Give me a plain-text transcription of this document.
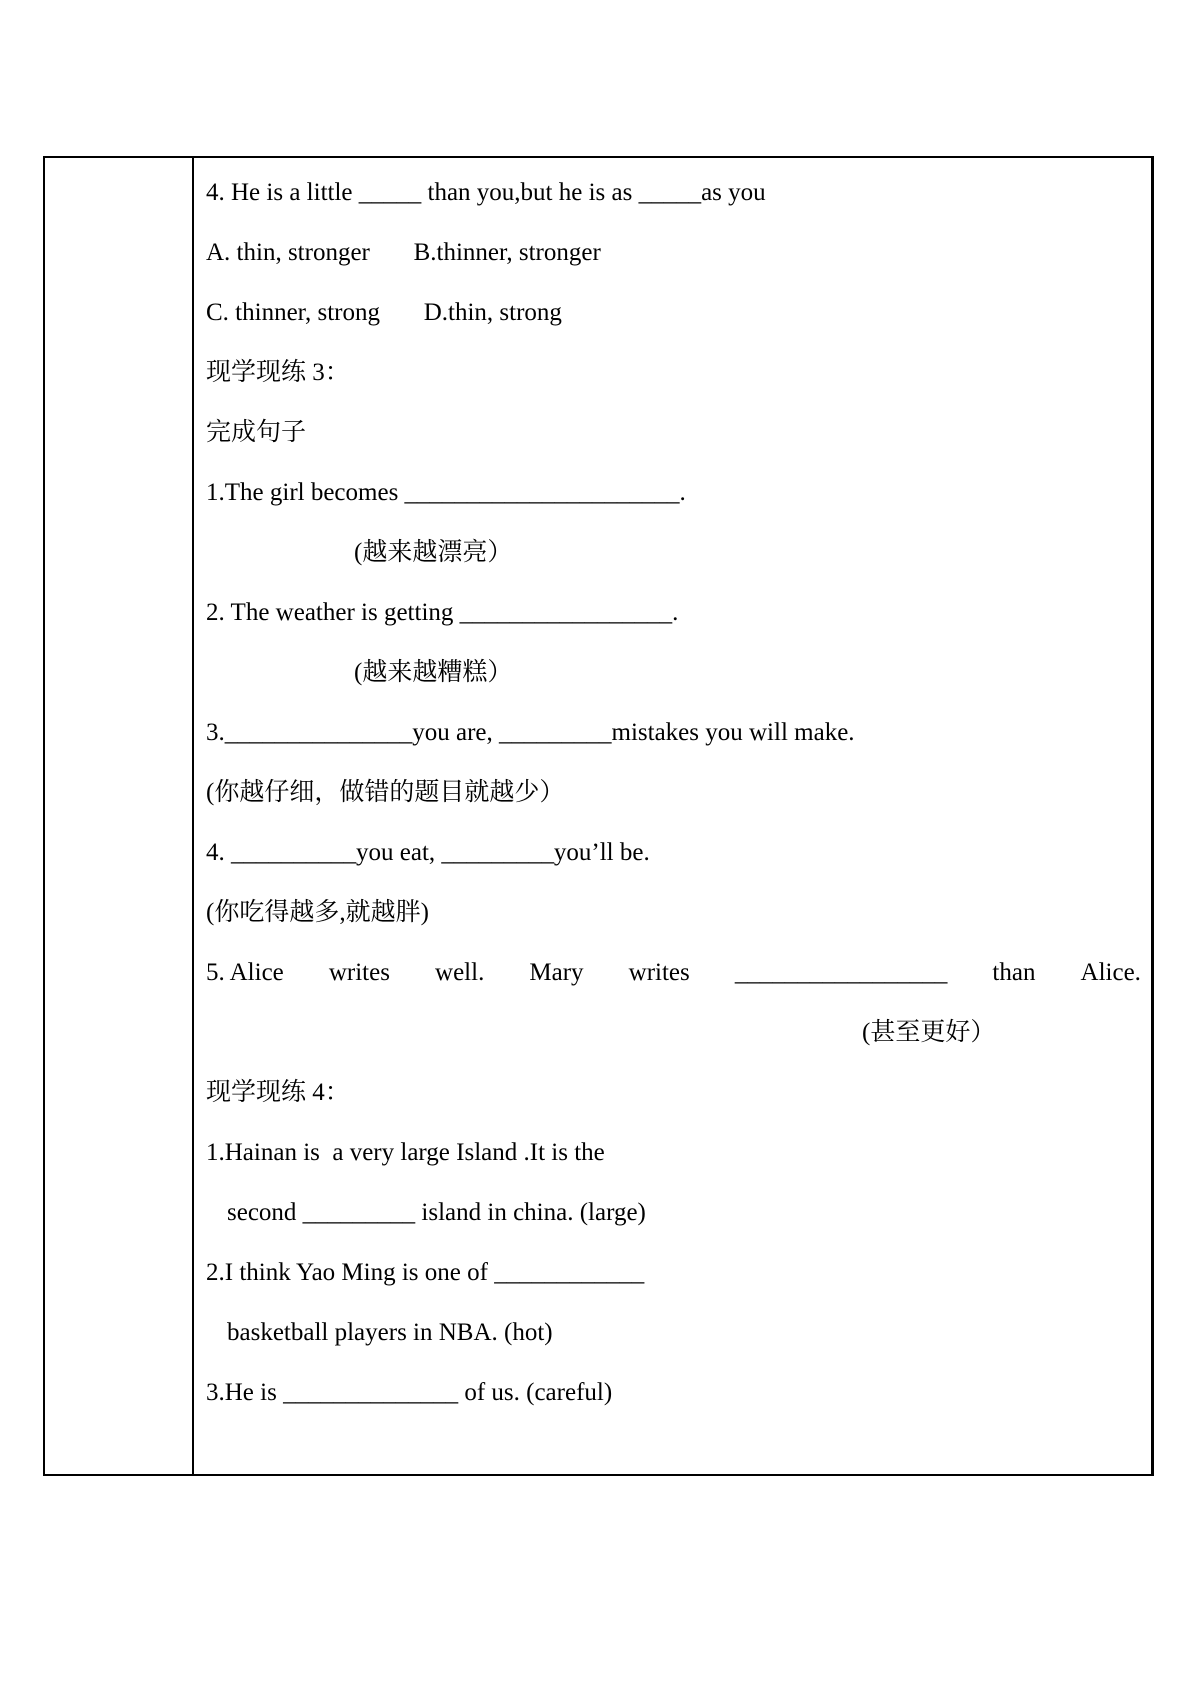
4. He is a little _____ than you,but he is as _____as you
A. thin, stronger       B.thinner, stronger
C. thinner, strong       D.thin, strong
现学现练 3：
完成句子
1.The girl becomes ______________________.
(越来越漂亮）
2. The weather is getting _________________.
(越来越糟糕）
3._______________you are, _________mistakes you will make.
(你越仔细，做错的题目就越少）
4. __________you eat, _________you’ll be.
(你吃得越多,就越胖)
5. Alice writes well. Mary writes _________________ than Alice.
(甚至更好）
现学现练 4：
1.Hainan is  a very large Island .It is the
second _________ island in china. (large)
2.I think Yao Ming is one of ____________
basketball players in NBA. (hot)
3.He is ______________ of us. (careful)
